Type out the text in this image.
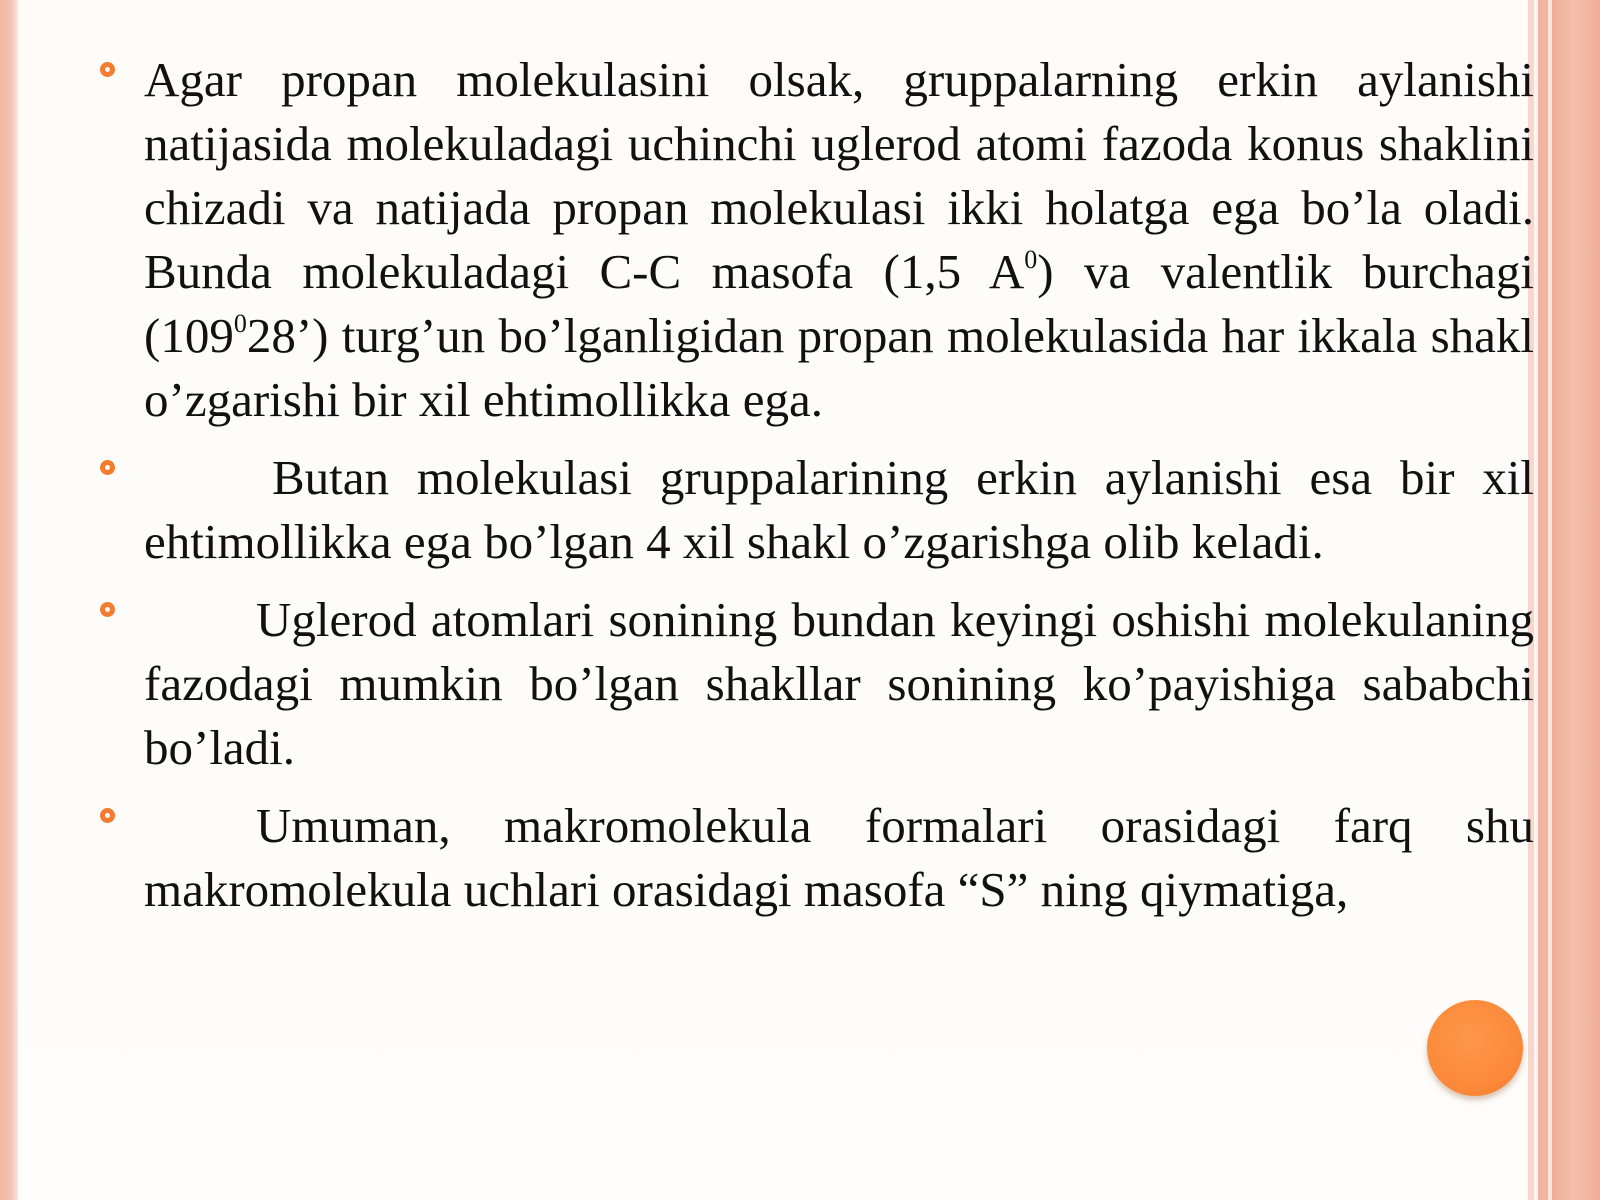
Agar propan molekulasini olsak, gruppalarning erkin aylanishi natijasida molekuladagi uchinchi uglerod atomi fazoda konus shaklini chizadi va natijada propan molekulasi ikki holatga ega bo’la oladi. Bunda molekuladagi C-C masofa (1,5 $A^0$) va valentlik burchagi $(109^028’)$ turg’un bo’lganligidan propan molekulasida har ikkala shakl o’zgarishi bir xil ehtimollikka ega.
Butan molekulasi gruppalarining erkin aylanishi esa bir xil ehtimollikka ega bo’lgan 4 xil shakl o’zgarishga olib keladi.
Uglerod atomlari sonining bundan keyingi oshishi molekulaning fazodagi mumkin bo’lgan shakllar sonining ko’payishiga sababchi bo’ladi.
Umuman, makromolekula formalari orasidagi farq shu makromolekula uchlari orasidagi masofa “S” ning qiymatiga,
